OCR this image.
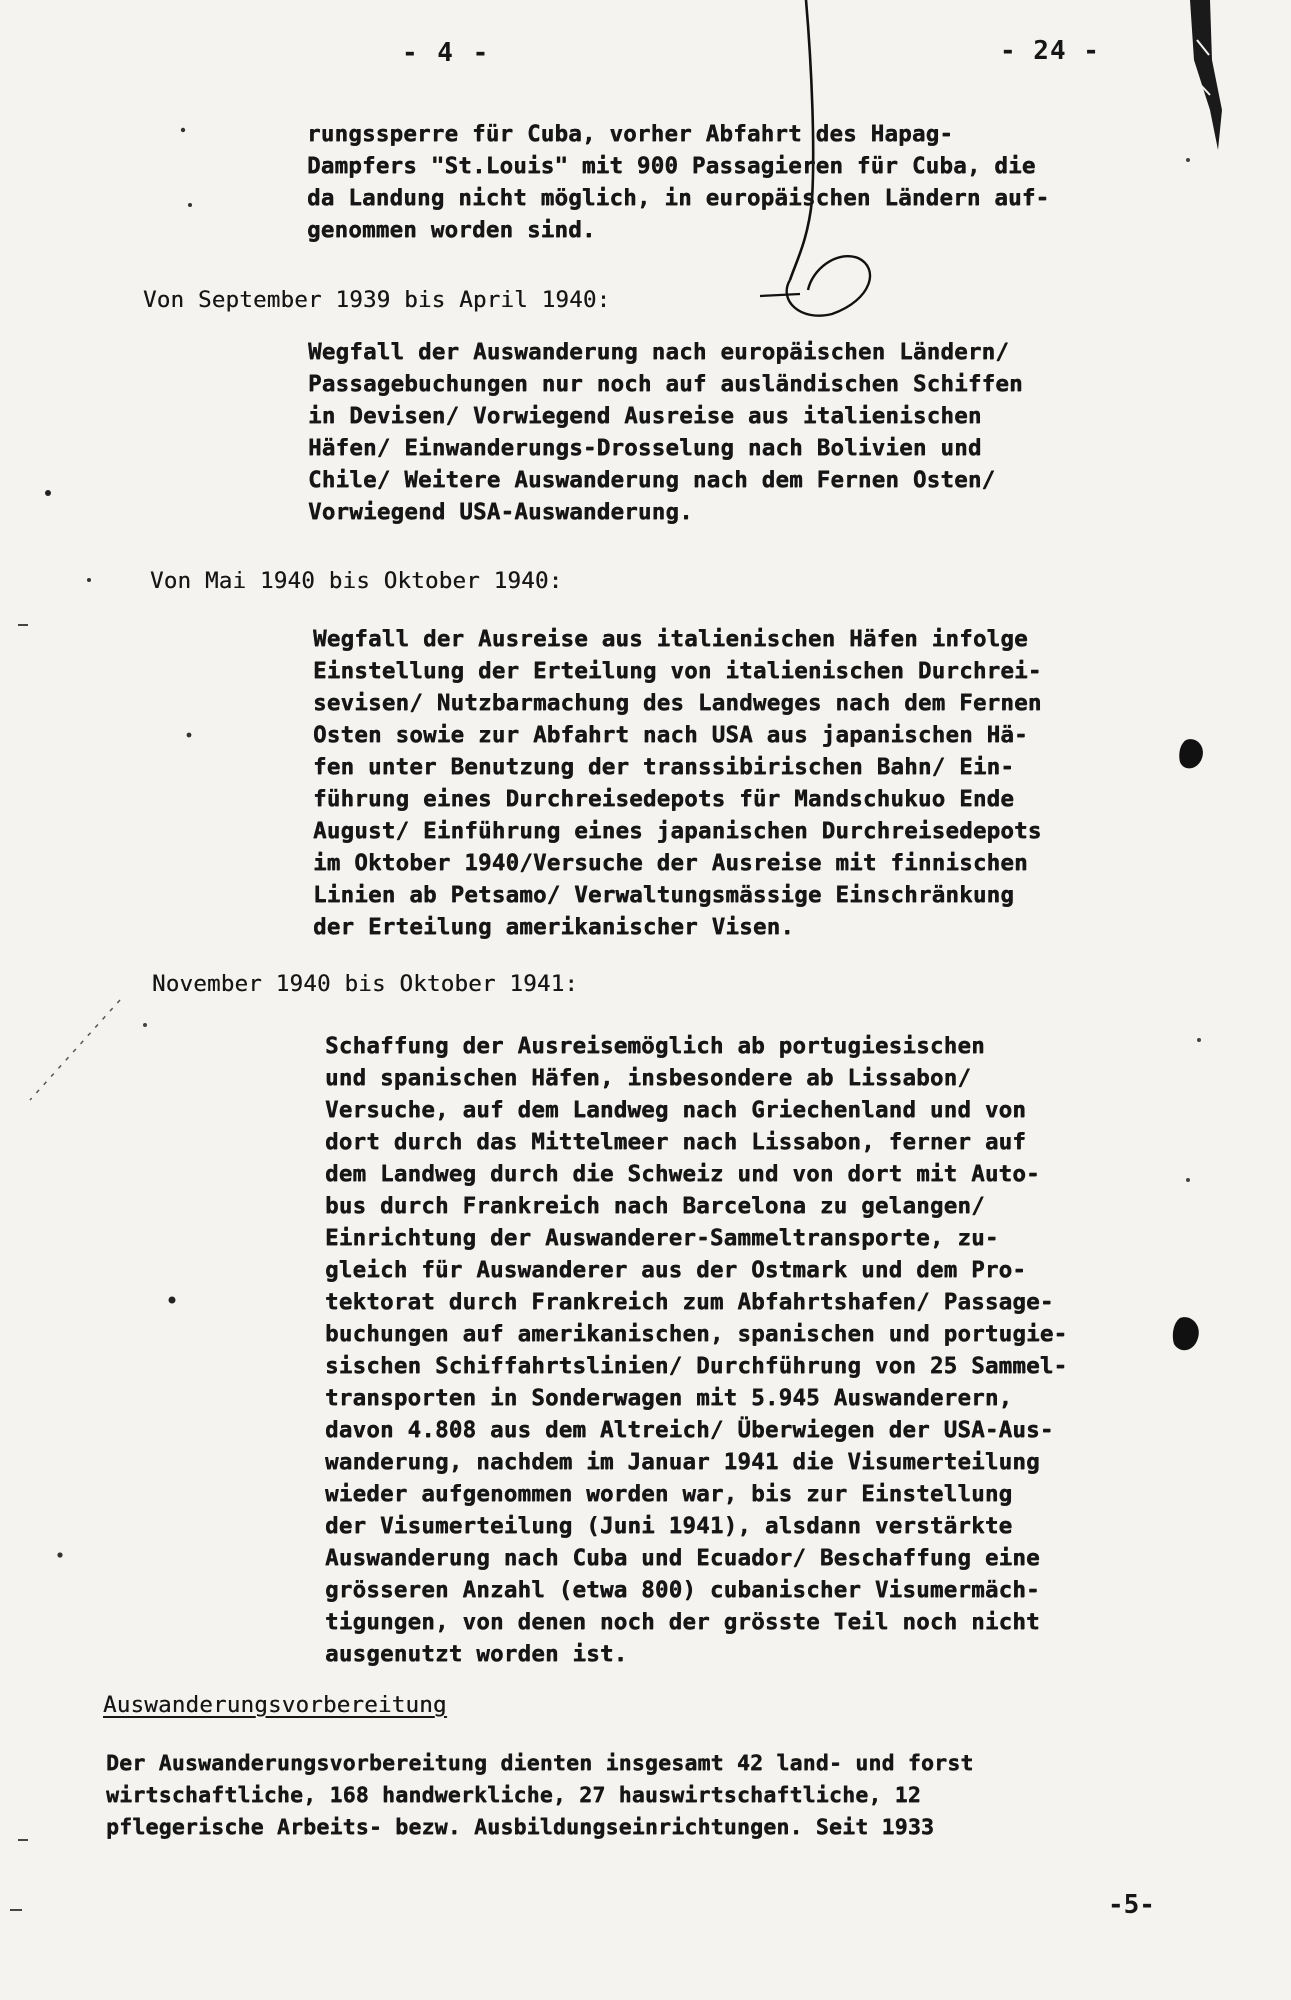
- 4 -	- 24 -
rungssperre für Cuba, vorher Abfahrt des Hapag-
Dampfers "St.Louis" mit 900 Passagieren für Cuba, die
da Landung nicht möglich, in europäischen Ländern auf-
genommen worden sind.
Von September 1939 bis April 1940:
Wegfall der Auswanderung nach europäischen Ländern/
Passagebuchungen nur noch auf ausländischen Schiffen
in Devisen/ Vorwiegend Ausreise aus italienischen
Häfen/ Einwanderungs-Drosselung nach Bolivien und
Chile/ Weitere Auswanderung nach dem Fernen Osten/
Vorwiegend USA-Auswanderung.
Von Mai 1940 bis Oktober 1940:
Wegfall der Ausreise aus italienischen Häfen infolge
Einstellung der Erteilung von italienischen Durchrei-
sevisen/ Nutzbarmachung des Landweges nach dem Fernen
Osten sowie zur Abfahrt nach USA aus japanischen Hä-
fen unter Benutzung der transsibirischen Bahn/ Ein-
führung eines Durchreisedepots für Mandschukuo Ende
August/ Einführung eines japanischen Durchreisedepots
im Oktober 1940/Versuche der Ausreise mit finnischen
Linien ab Petsamo/ Verwaltungsmässige Einschränkung
der Erteilung amerikanischer Visen.
November 1940 bis Oktober 1941:
Schaffung der Ausreisemöglich ab portugiesischen
und spanischen Häfen, insbesondere ab Lissabon/
Versuche, auf dem Landweg nach Griechenland und von
dort durch das Mittelmeer nach Lissabon, ferner auf
dem Landweg durch die Schweiz und von dort mit Auto-
bus durch Frankreich nach Barcelona zu gelangen/
Einrichtung der Auswanderer-Sammeltransporte, zu-
gleich für Auswanderer aus der Ostmark und dem Pro-
tektorat durch Frankreich zum Abfahrtshafen/ Passage-
buchungen auf amerikanischen, spanischen und portugie-
sischen Schiffahrtslinien/ Durchführung von 25 Sammel-
transporten in Sonderwagen mit 5.945 Auswanderern,
davon 4.808 aus dem Altreich/ Überwiegen der USA-Aus-
wanderung, nachdem im Januar 1941 die Visumerteilung
wieder aufgenommen worden war, bis zur Einstellung
der Visumerteilung (Juni 1941), alsdann verstärkte
Auswanderung nach Cuba und Ecuador/ Beschaffung eine
grösseren Anzahl (etwa 800) cubanischer Visumermäch-
tigungen, von denen noch der grösste Teil noch nicht
ausgenutzt worden ist.
Auswanderungsvorbereitung
Der Auswanderungsvorbereitung dienten insgesamt 42 land- und forst
wirtschaftliche, 168 handwerkliche, 27 hauswirtschaftliche, 12
pflegerische Arbeits- bezw. Ausbildungseinrichtungen. Seit 1933
-5-
